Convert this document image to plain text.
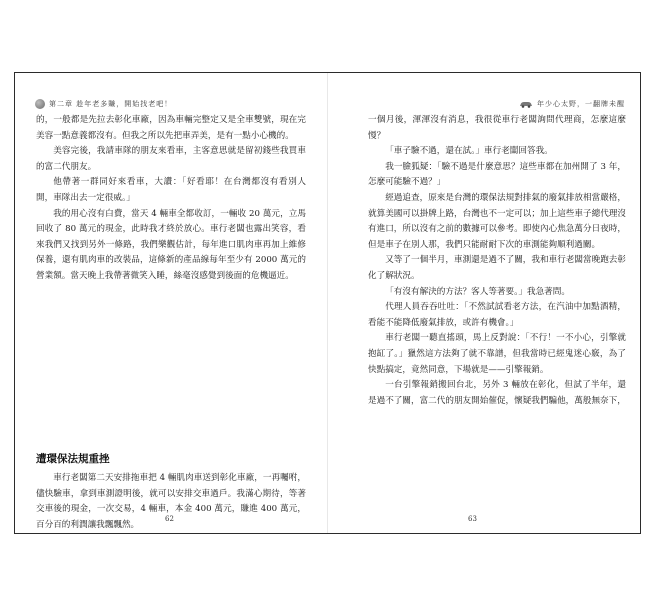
第二章 趁年老多賺，開始找老吧！

的，一般都是先拉去彰化車廠，因為車輛完整定又是全車雙號，現在完美容一點意義都沒有。但我之所以先把車弄美，是有一點小心機的。

美容完後，我請車隊的朋友來看車，主客意思就是留初錢些我買車的富二代朋友。

他帶著一群同好來看車，大讚：「好看耶！在台灣都沒有看別人開，車隊出去一定很威。」

我的用心沒有白費，當天 4 輛車全都收訂，一輛收 20 萬元，立馬回收了 80 萬元的現金，此時我才終於放心。車行老闆也露出笑容，看來我們又找到另外一條路，我們樂觀估計，每年進口肌肉車再加上維修保養，還有肌肉車的改裝品，這條新的產品線每年至少有 2000 萬元的營業額。當天晚上我帶著微笑入睡，絲毫沒感覺到後面的危機逼近。

遭環保法規重挫

車行老闆第二天安排拖車把 4 輛肌肉車送到彰化車廠，一再囑咐，儘快驗車，拿到車測證明後，就可以安排交車過戶。我滿心期待，等著交車後的現金，一次交易，4 輛車，本金 400 萬元，賺進 400 萬元，百分百的利潤讓我飄飄然。

62
年少心太野，一翻牌未醒

一個月後，渾渾沒有消息，我很從車行老闆詢問代理商，怎麼這麼慢？

「車子驗不過，還在試。」車行老闆回答我。

我一臉狐疑：「驗不過是什麼意思？這些車都在加州開了 3 年，怎麼可能驗不過？」

經過追查，原來是台灣的環保法規對排氣的廢氣排放相當嚴格，就算美國可以掛牌上路，台灣也不一定可以；加上這些車子總代理沒有進口，所以沒有之前的數據可以參考。即使內心焦急萬分日夜時，但是車子在別人那，我們只能耐耐下次的車測能夠順利過關。

又等了一個半月，車測還是過不了關，我和車行老闆當晚跑去彰化了解狀況。

「有沒有解決的方法？客人等著要。」我急著問。

代理人員吞吞吐吐：「不然試試看老方法，在汽油中加點酒精，看能不能降低廢氣排放，或許有機會。」

車行老闆一聽直搖頭，馬上反對說：「不行！一不小心，引擎就抱缸了。」獵然這方法夠了就不靠譜，但我當時已經鬼迷心竅，為了快點搞定，竟然同意，下場就是——引擎報銷。

一台引擎報銷搬回台北，另外 3 輛放在彰化，但試了半年，還是過不了關，富二代的朋友開始催促，懷疑我們騙他，萬般無奈下，

63
